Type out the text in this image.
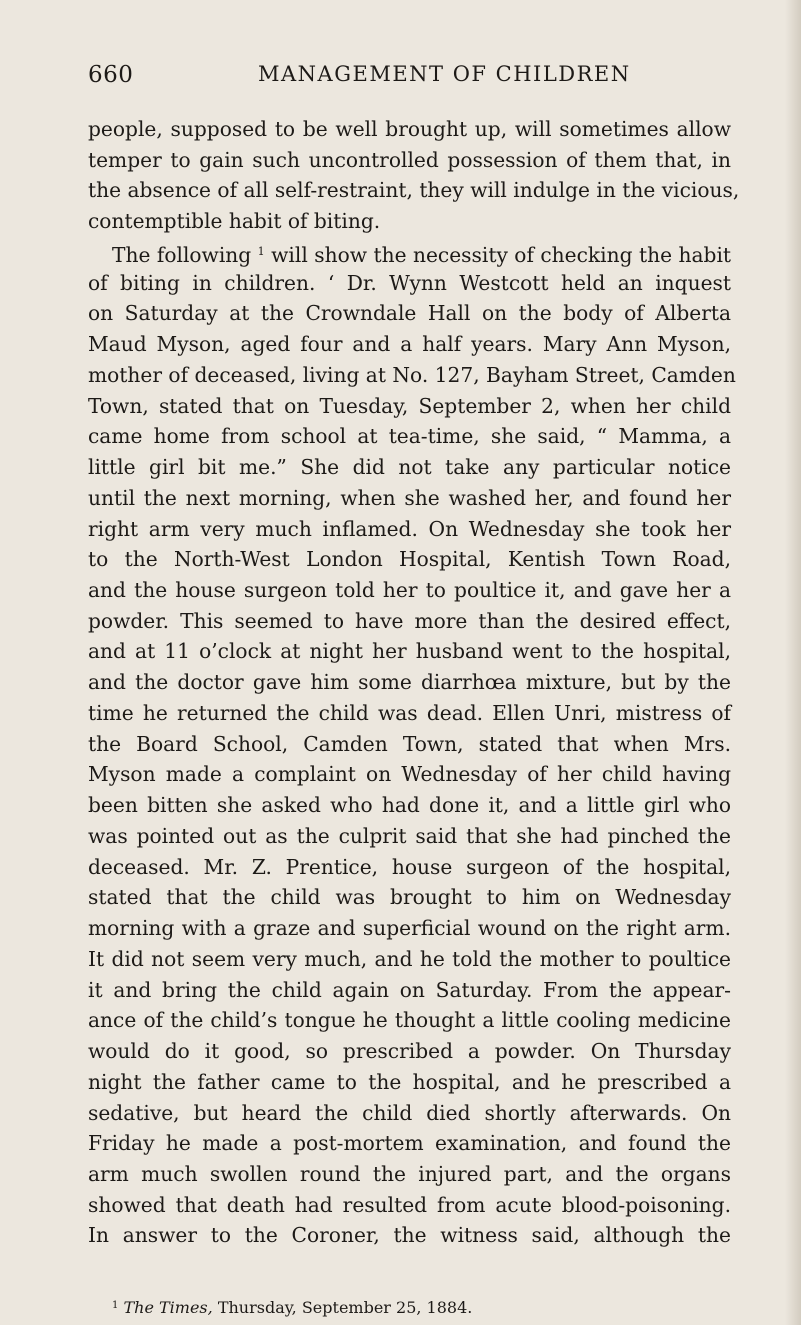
660	MANAGEMENT OF CHILDREN
people, supposed to be well brought up, will sometimes allow
temper to gain such uncontrolled possession of them that, in
the absence of all self-restraint, they will indulge in the vicious,
contemptible habit of biting.
The following $^1$ will show the necessity of checking the habit
of biting in children. ‘ Dr. Wynn Westcott held an inquest
on Saturday at the Crowndale Hall on the body of Alberta
Maud Myson, aged four and a half years. Mary Ann Myson,
mother of deceased, living at No. 127, Bayham Street, Camden
Town, stated that on Tuesday, September 2, when her child
came home from school at tea-time, she said, “ Mamma, a
little girl bit me.” She did not take any particular notice
until the next morning, when she washed her, and found her
right arm very much inflamed. On Wednesday she took her
to the North-West London Hospital, Kentish Town Road,
and the house surgeon told her to poultice it, and gave her a
powder. This seemed to have more than the desired effect,
and at 11 o’clock at night her husband went to the hospital,
and the doctor gave him some diarrhœa mixture, but by the
time he returned the child was dead. Ellen Unri, mistress of
the Board School, Camden Town, stated that when Mrs.
Myson made a complaint on Wednesday of her child having
been bitten she asked who had done it, and a little girl who
was pointed out as the culprit said that she had pinched the
deceased. Mr. Z. Prentice, house surgeon of the hospital,
stated that the child was brought to him on Wednesday
morning with a graze and superficial wound on the right arm.
It did not seem very much, and he told the mother to poultice
it and bring the child again on Saturday. From the appear-
ance of the child’s tongue he thought a little cooling medicine
would do it good, so prescribed a powder. On Thursday
night the father came to the hospital, and he prescribed a
sedative, but heard the child died shortly afterwards. On
Friday he made a post-mortem examination, and found the
arm much swollen round the injured part, and the organs
showed that death had resulted from acute blood-poisoning.
In answer to the Coroner, the witness said, although the
$^1$ The Times, Thursday, September 25, 1884.
